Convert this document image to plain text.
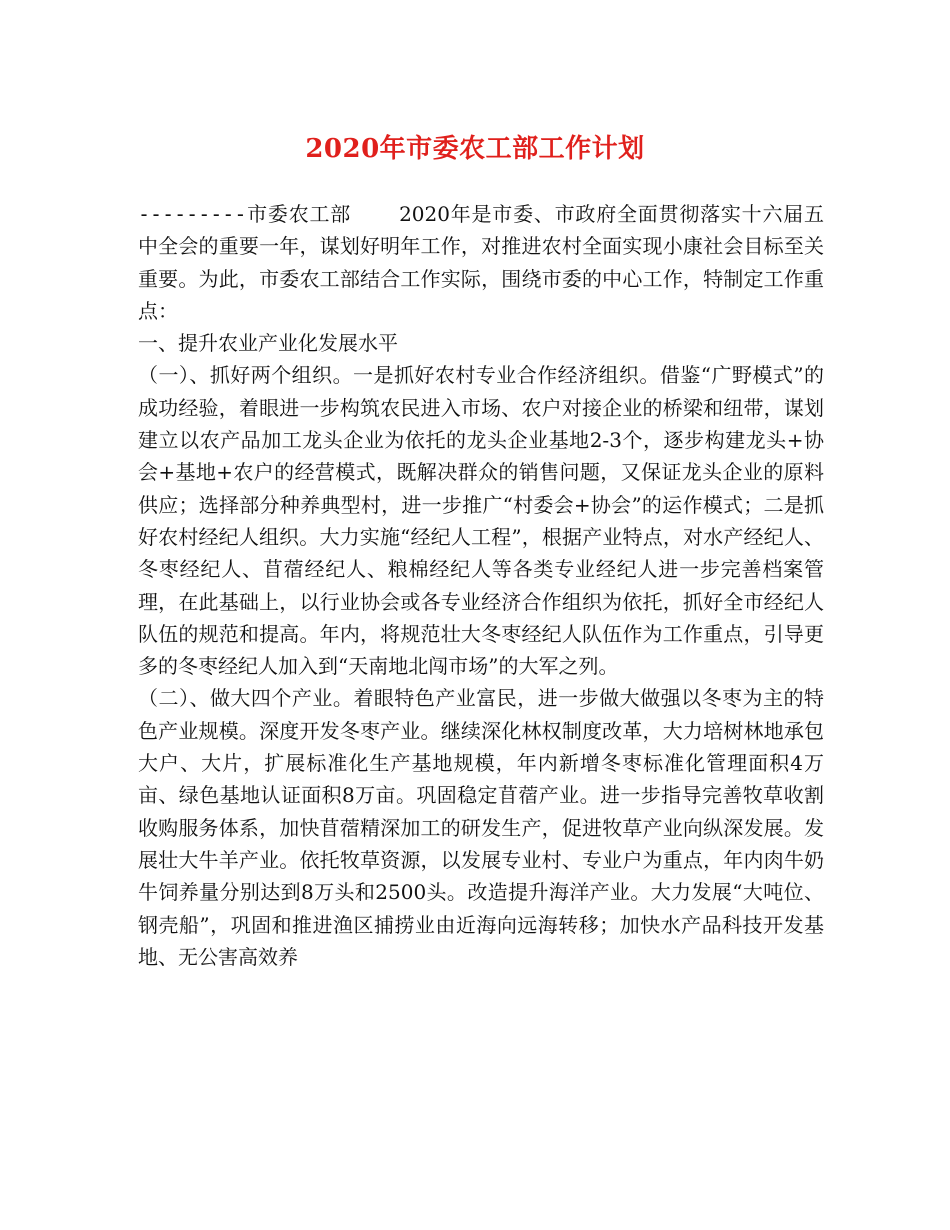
2020年市委农工部工作计划

---------市委农工部 2020年是市委、市政府全面贯彻落实十六届五中全会的重要一年，谋划好明年工作，对推进农村全面实现小康社会目标至关重要。为此，市委农工部结合工作实际，围绕市委的中心工作，特制定工作重点：

一、提升农业产业化发展水平

（一）、抓好两个组织。一是抓好农村专业合作经济组织。借鉴“广野模式”的成功经验，着眼进一步构筑农民进入市场、农户对接企业的桥梁和纽带，谋划建立以农产品加工龙头企业为依托的龙头企业基地2-3个，逐步构建龙头+协会+基地+农户的经营模式，既解决群众的销售问题，又保证龙头企业的原料供应；选择部分种养典型村，进一步推广“村委会+协会”的运作模式；二是抓好农村经纪人组织。大力实施“经纪人工程”，根据产业特点，对水产经纪人、冬枣经纪人、苜蓿经纪人、粮棉经纪人等各类专业经纪人进一步完善档案管理，在此基础上，以行业协会或各专业经济合作组织为依托，抓好全市经纪人队伍的规范和提高。年内，将规范壮大冬枣经纪人队伍作为工作重点，引导更多的冬枣经纪人加入到“天南地北闯市场”的大军之列。

（二）、做大四个产业。着眼特色产业富民，进一步做大做强以冬枣为主的特色产业规模。深度开发冬枣产业。继续深化林权制度改革，大力培树林地承包大户、大片，扩展标准化生产基地规模，年内新增冬枣标准化管理面积4万亩、绿色基地认证面积8万亩。巩固稳定苜蓿产业。进一步指导完善牧草收割收购服务体系，加快苜蓿精深加工的研发生产，促进牧草产业向纵深发展。发展壮大牛羊产业。依托牧草资源，以发展专业村、专业户为重点，年内肉牛奶牛饲养量分别达到8万头和2500头。改造提升海洋产业。大力发展“大吨位、钢壳船”，巩固和推进渔区捕捞业由近海向远海转移；加快水产品科技开发基地、无公害高效养
